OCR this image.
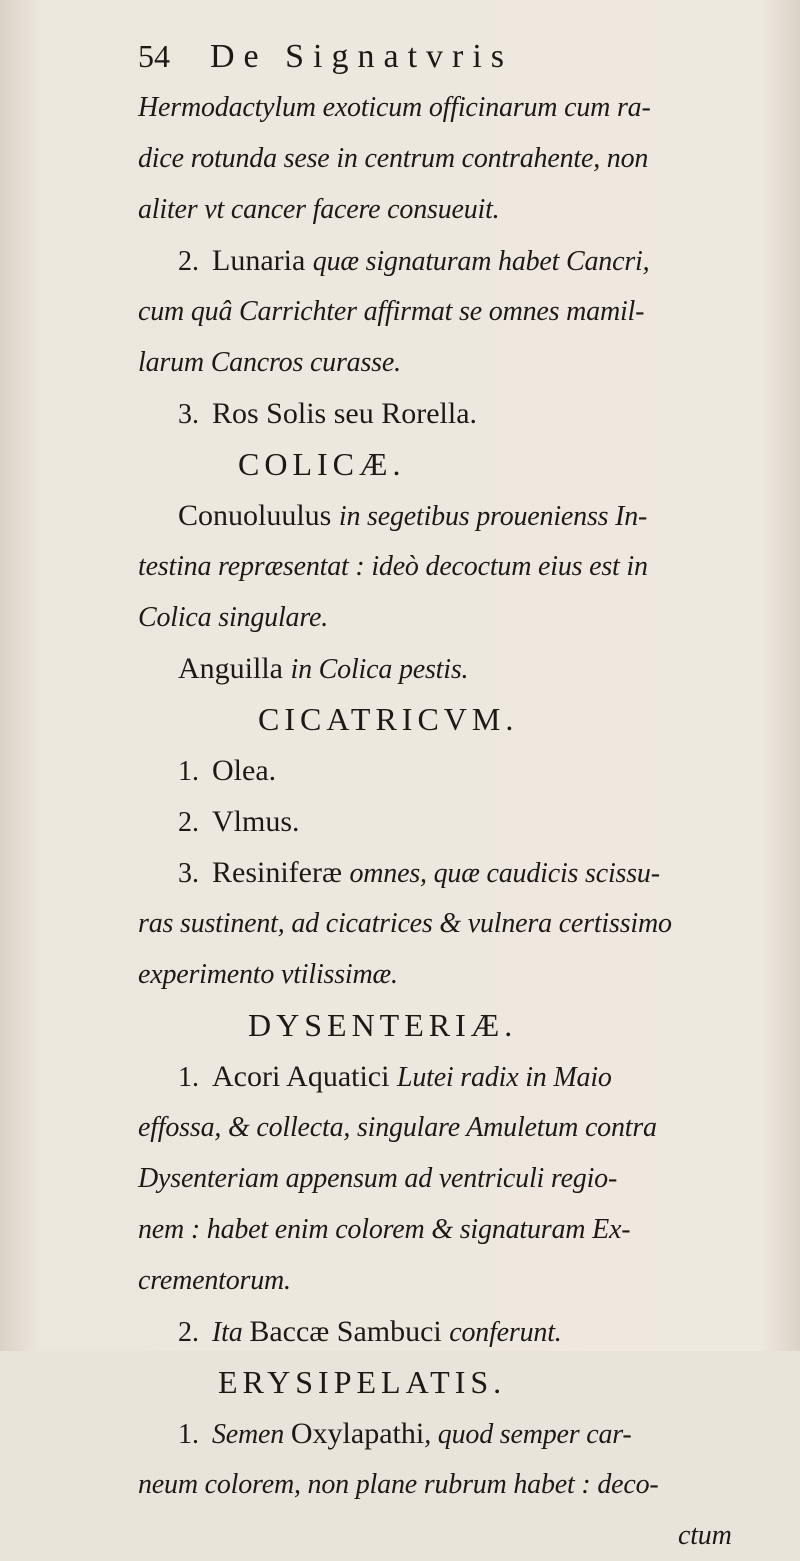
54 De Signatvris
Hermodactylum exoticum officinarum cum ra-
dice rotunda sese in centrum contrahente, non
aliter vt cancer facere consueuit.
2. Lunaria quæ signaturam habet Cancri,
cum quâ Carrichter affirmat se omnes mamil-
larum Cancros curasse.
3. Ros Solis seu Rorella.
COLICÆ.
Conuoluulus in segetibus prouenienss In-
testina repræsentat : ideò decoctum eius est in
Colica singulare.
Anguilla in Colica pestis.
CICATRICVM.
1. Olea.
2. Vlmus.
3. Resiniferæ omnes, quæ caudicis scissu-
ras sustinent, ad cicatrices & vulnera certissimo
experimento vtilissimæ.
DYSENTERIÆ.
1. Acori Aquatici Lutei radix in Maio
effossa, & collecta, singulare Amuletum contra
Dysenteriam appensum ad ventriculi regio-
nem : habet enim colorem & signaturam Ex-
crementorum.
2. Ita Baccæ Sambuci conferunt.
ERYSIPELATIS.
1. Semen Oxylapathi, quod semper car-
neum colorem, non plane rubrum habet : deco-
ctum
